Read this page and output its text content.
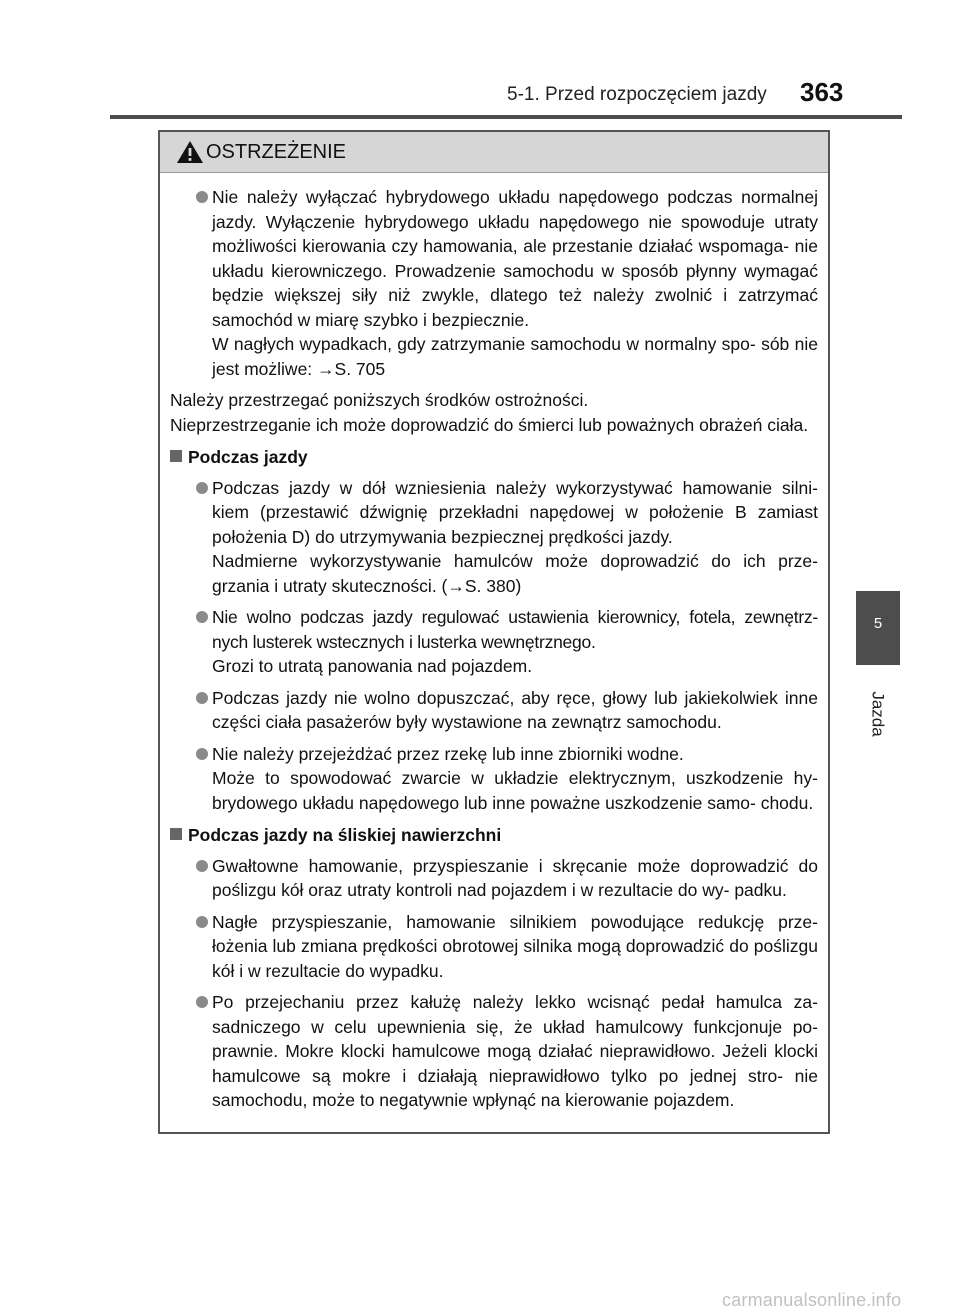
5-1. Przed rozpoczęciem jazdy 363
5
Jazda
OSTRZEŻENIE
Nie należy wyłączać hybrydowego układu napędowego podczas normalnej jazdy. Wyłączenie hybrydowego układu napędowego nie spowoduje utraty możliwości kierowania czy hamowania, ale przestanie działać wspomaga- nie układu kierowniczego. Prowadzenie samochodu w sposób płynny wymagać będzie większej siły niż zwykle, dlatego też należy zwolnić i zatrzymać samochód w miarę szybko i bezpiecznie.
W nagłych wypadkach, gdy zatrzymanie samochodu w normalny spo- sób nie jest możliwe: →S. 705
Należy przestrzegać poniższych środków ostrożności.
Nieprzestrzeganie ich może doprowadzić do śmierci lub poważnych obrażeń ciała.
Podczas jazdy
Podczas jazdy w dół wzniesienia należy wykorzystywać hamowanie silni- kiem (przestawić dźwignię przekładni napędowej w położenie B zamiast położenia D) do utrzymywania bezpiecznej prędkości jazdy.
Nadmierne wykorzystywanie hamulców może doprowadzić do ich prze- grzania i utraty skuteczności. (→S. 380)
Nie wolno podczas jazdy regulować ustawienia kierownicy, fotela, zewnętrz- nych lusterek wstecznych i lusterka wewnętrznego.
Grozi to utratą panowania nad pojazdem.
Podczas jazdy nie wolno dopuszczać, aby ręce, głowy lub jakiekolwiek inne części ciała pasażerów były wystawione na zewnątrz samochodu.
Nie należy przejeżdżać przez rzekę lub inne zbiorniki wodne.
Może to spowodować zwarcie w układzie elektrycznym, uszkodzenie hy- brydowego układu napędowego lub inne poważne uszkodzenie samo- chodu.
Podczas jazdy na śliskiej nawierzchni
Gwałtowne hamowanie, przyspieszanie i skręcanie może doprowadzić do poślizgu kół oraz utraty kontroli nad pojazdem i w rezultacie do wy- padku.
Nagłe przyspieszanie, hamowanie silnikiem powodujące redukcję prze- łożenia lub zmiana prędkości obrotowej silnika mogą doprowadzić do poślizgu kół i w rezultacie do wypadku.
Po przejechaniu przez kałużę należy lekko wcisnąć pedał hamulca za- sadniczego w celu upewnienia się, że układ hamulcowy funkcjonuje po- prawnie. Mokre klocki hamulcowe mogą działać nieprawidłowo. Jeżeli klocki hamulcowe są mokre i działają nieprawidłowo tylko po jednej stro- nie samochodu, może to negatywnie wpłynąć na kierowanie pojazdem.
carmanualsonline.info
